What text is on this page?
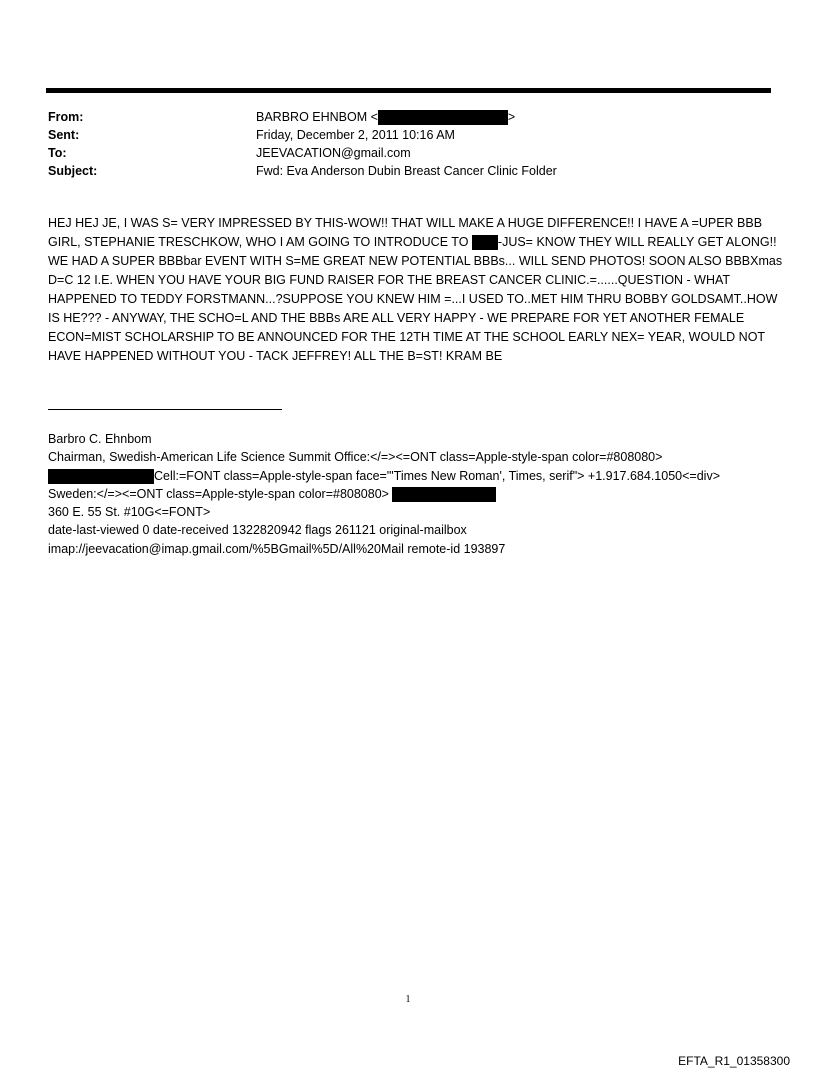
From:	BARBRO EHNBOM <	>
Sent:	Friday, December 2, 2011 10:16 AM
To:	JEEVACATION@gmail.com
Subject:	Fwd: Eva Anderson Dubin Breast Cancer Clinic Folder

HEJ HEJ JE, I WAS S= VERY IMPRESSED BY THIS-WOW!! THAT WILL MAKE A HUGE DIFFERENCE!! I HAVE A =UPER BBB

GIRL, STEPHANIE TRESCHKOW, WHO I AM GOING TO INTRODUCE TO -JUS= KNOW THEY WILL REALLY GET ALONG!!

WE HAD A SUPER BBBbar EVENT WITH S=ME GREAT NEW POTENTIAL BBBs... WILL SEND PHOTOS! SOON ALSO BBBXmas

D=C 12 I.E. WHEN YOU HAVE YOUR BIG FUND RAISER FOR THE BREAST CANCER CLINIC.=......QUESTION - WHAT

HAPPENED TO TEDDY FORSTMANN...?SUPPOSE YOU KNEW HIM =...I USED TO..MET HIM THRU BOBBY GOLDSAMT..HOW

IS HE??? - ANYWAY, THE SCHO=L AND THE BBBs ARE ALL VERY HAPPY - WE PREPARE FOR YET ANOTHER FEMALE

ECON=MIST SCHOLARSHIP TO BE ANNOUNCED FOR THE 12TH TIME AT THE SCHOOL EARLY NEX= YEAR, WOULD NOT

HAVE HAPPENED WITHOUT YOU - TACK JEFFREY! ALL THE B=ST! KRAM BE

Barbro C. Ehnbom

Chairman, Swedish-American Life Science Summit Office:</=><=ONT class=Apple-style-span color=#808080>

Cell:=FONT class=Apple-style-span face="'Times New Roman', Times, serif"> +1.917.684.1050<=div>

Sweden:</=><=ONT class=Apple-style-span color=#808080>

360 E. 55 St. #10G<=FONT>

date-last-viewed 0 date-received 1322820942 flags 261121 original-mailbox

imap://jeevacation@imap.gmail.com/%5BGmail%5D/All%20Mail remote-id 193897

1
EFTA_R1_01358300
